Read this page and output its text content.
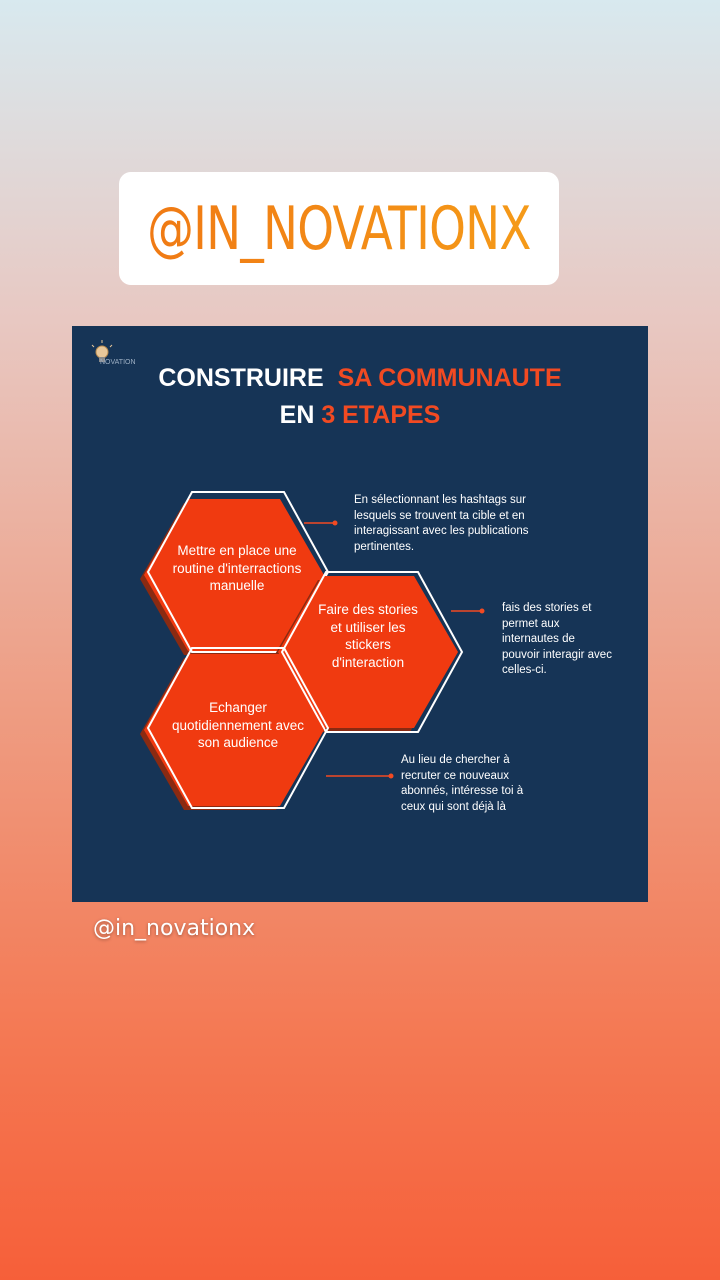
@IN_NOVATIONX
NOVATION
CONSTRUIRE SA COMMUNAUTE
EN 3 ETAPES
Mettre en place une routine d'interractions manuelle
Faire des stories et utiliser les stickers d'interaction
Echanger quotidiennement avec son audience
En sélectionnant les hashtags sur lesquels se trouvent ta cible et en interagissant avec les publications pertinentes.
fais des stories et permet aux internautes de pouvoir interagir avec celles-ci.
Au lieu de chercher à recruter ce nouveaux abonnés, intéresse toi à ceux qui sont déjà là
@in_novationx
